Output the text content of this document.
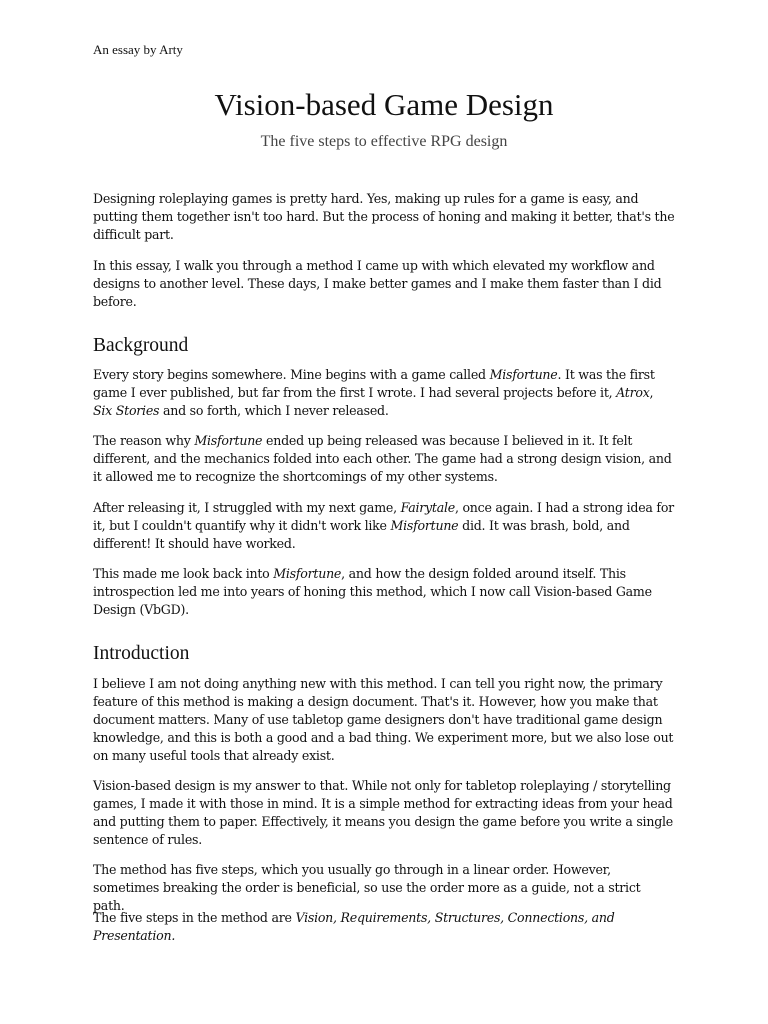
An essay by Arty
Vision-based Game Design
The five steps to effective RPG design

Designing roleplaying games is pretty hard. Yes, making up rules for a game is easy, and putting them together isn't too hard. But the process of honing and making it better, that's the difficult part.

In this essay, I walk you through a method I came up with which elevated my workflow and designs to another level. These days, I make better games and I make them faster than I did before.

Background

Every story begins somewhere. Mine begins with a game called Misfortune. It was the first game I ever published, but far from the first I wrote. I had several projects before it, Atrox, Six Stories and so forth, which I never released.

The reason why Misfortune ended up being released was because I believed in it. It felt different, and the mechanics folded into each other. The game had a strong design vision, and it allowed me to recognize the shortcomings of my other systems.

After releasing it, I struggled with my next game, Fairytale, once again. I had a strong idea for it, but I couldn't quantify why it didn't work like Misfortune did. It was brash, bold, and different! It should have worked.

This made me look back into Misfortune, and how the design folded around itself. This introspection led me into years of honing this method, which I now call Vision-based Game Design (VbGD).

Introduction

I believe I am not doing anything new with this method. I can tell you right now, the primary feature of this method is making a design document. That's it. However, how you make that document matters. Many of use tabletop game designers don't have traditional game design knowledge, and this is both a good and a bad thing. We experiment more, but we also lose out on many useful tools that already exist.

Vision-based design is my answer to that. While not only for tabletop roleplaying / storytelling games, I made it with those in mind. It is a simple method for extracting ideas from your head and putting them to paper. Effectively, it means you design the game before you write a single sentence of rules.

The method has five steps, which you usually go through in a linear order. However, sometimes breaking the order is beneficial, so use the order more as a guide, not a strict path.

The five steps in the method are Vision, Requirements, Structures, Connections, and Presentation.
